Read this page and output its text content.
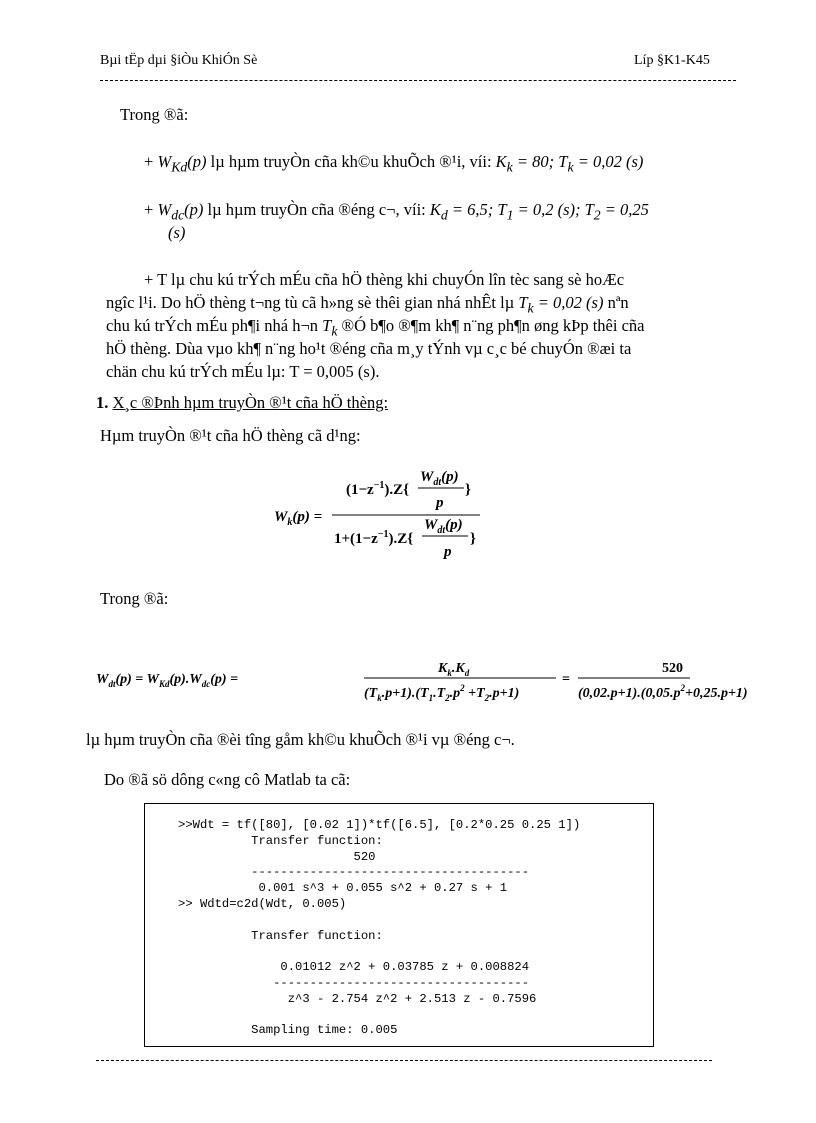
Bµi tËp dµi §iÒu KhiÓn Sè	Líp §K1-K45
Trong ®ã:
+ $W_{Kd}(p)$ lµ hµm truyÒn cña kh©u khuÕch ®¹i, víi: $K_k = 80$; $T_k = 0,02$ (s)
+ $W_{dc}(p)$ lµ hµm truyÒn cña ®éng c¬, víi: $K_d = 6,5$; $T_1 = 0,2$ (s); $T_2 = 0,25$
(s)
+ T lµ chu kú trÝch mÉu cña hÖ thèng khi chuyÓn lîn tèc sang sè hoÆc
ngîc l¹i. Do hÖ thèng t¬ng tù cã h»ng sè thêi gian nhá nhÊt lµ $T_k = 0,02$ (s) nªn
chu kú trÝch mÉu ph¶i nhá h¬n $T_k$ ®Ó b¶o ®¶m kh¶ n¨ng ph¶n øng kÞp thêi cña
hÖ thèng. Dùa vµo kh¶ n¨ng ho¹t ®éng cña m¸y tÝnh vµ c¸c bé chuyÓn ®æi ta
chän chu kú trÝch mÉu lµ: T = 0,005 (s).
1. X¸c ®Þnh hµm truyÒn ®¹t cña hÖ thèng:
Hµm truyÒn ®¹t cña hÖ thèng cã d¹ng:
$W_k(p)$ =
$(1-z^{-1}).Z${
$W_{dt}(p)$
p
}
$1+(1-z^{-1}).Z${
$W_{dt}(p)$
p
}
Trong ®ã:
$W_{dt}(p) = W_{Kd}(p).W_{dc}(p)$ =
$K_k.K_d$
$(T_k.p+1).(T_1.T_2.p^2 +T_2.p+1)$
=
520
$(0,02.p+1).(0,05.p^2+0,25.p+1)$
lµ hµm truyÒn cña ®èi tîng gåm kh©u khuÕch ®¹i vµ ®éng c¬.
Do ®ã sö dông c«ng cô Matlab ta cã:
>>Wdt = tf([80], [0.02 1])*tf([6.5], [0.2*0.25 0.25 1])
Transfer function:
520
--------------------------------------
0.001 s^3 + 0.055 s^2 + 0.27 s + 1
>> Wdtd=c2d(Wdt, 0.005)

Transfer function:

0.01012 z^2 + 0.03785 z + 0.008824
-----------------------------------
z^3 - 2.754 z^2 + 2.513 z - 0.7596

Sampling time: 0.005
